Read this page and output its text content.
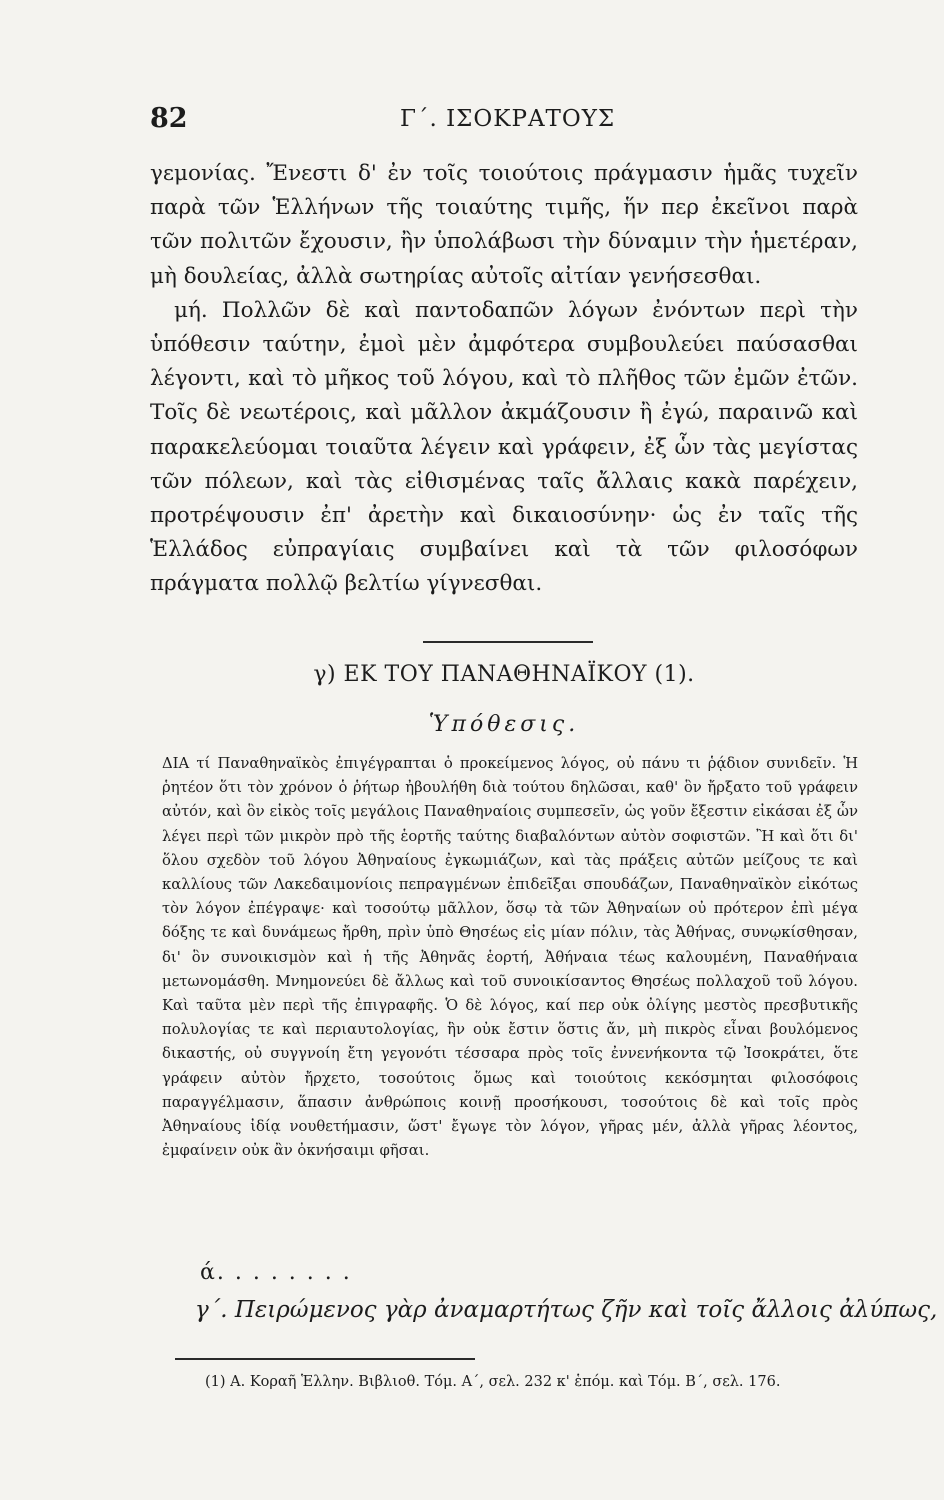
82	Γ΄. ΙΣΟΚΡΑΤΟΥΣ

γεμονίας. Ἔνεστι δ' ἐν τοῖς τοιούτοις πράγμασιν ἡμᾶς τυχεῖν παρὰ τῶν Ἑλλήνων τῆς τοιαύτης τιμῆς, ἥν περ ἐκεῖνοι παρὰ τῶν πολιτῶν ἔχουσιν, ἢν ὑπολάβωσι τὴν δύναμιν τὴν ἡμετέραν, μὴ δουλείας, ἀλλὰ σωτηρίας αὐτοῖς αἰτίαν γενήσεσθαι.

μή. Πολλῶν δὲ καὶ παντοδαπῶν λόγων ἐνόντων περὶ τὴν ὑπόθεσιν ταύτην, ἐμοὶ μὲν ἀμφότερα συμβουλεύει παύσασθαι λέγοντι, καὶ τὸ μῆκος τοῦ λόγου, καὶ τὸ πλῆθος τῶν ἐμῶν ἐτῶν. Τοῖς δὲ νεωτέροις, καὶ μᾶλλον ἀκμάζουσιν ἢ ἐγώ, παραινῶ καὶ παρακελεύομαι τοιαῦτα λέγειν καὶ γράφειν, ἐξ ὧν τὰς μεγίστας τῶν πόλεων, καὶ τὰς εἰθισμένας ταῖς ἄλλαις κακὰ παρέχειν, προτρέψουσιν ἐπ' ἀρετὴν καὶ δικαιοσύνην· ὡς ἐν ταῖς τῆς Ἑλλάδος εὐπραγίαις συμβαίνει καὶ τὰ τῶν φιλοσόφων πράγματα πολλῷ βελτίω γίγνεσθαι.

γ) ΕΚ ΤΟΥ ΠΑΝΑΘΗΝΑΪΚΟΥ (1).
Ὑπόθεσις.

ΔΙΑ τί Παναθηναϊκὸς ἐπιγέγραπται ὁ προκείμενος λόγος, οὐ πάνυ τι ῥᾴδιον συνιδεῖν. Ἡ ῥητέον ὅτι τὸν χρόνον ὁ ῥήτωρ ἠβουλήθη διὰ τούτου δηλῶσαι, καθ' ὃν ἤρξατο τοῦ γράφειν αὐτόν, καὶ ὃν εἰκὸς τοῖς μεγάλοις Παναθηναίοις συμπεσεῖν, ὡς γοῦν ἔξεστιν εἰκάσαι ἐξ ὧν λέγει περὶ τῶν μικρὸν πρὸ τῆς ἑορτῆς ταύτης διαβαλόντων αὐτὸν σοφιστῶν. Ἢ καὶ ὅτι δι' ὅλου σχεδὸν τοῦ λόγου Ἀθηναίους ἐγκωμιάζων, καὶ τὰς πράξεις αὐτῶν μείζους τε καὶ καλλίους τῶν Λακεδαιμονίοις πεπραγμένων ἐπιδεῖξαι σπουδάζων, Παναθηναϊκὸν εἰκότως τὸν λόγον ἐπέγραψε· καὶ τοσούτῳ μᾶλλον, ὅσῳ τὰ τῶν Ἀθηναίων οὐ πρότερον ἐπὶ μέγα δόξης τε καὶ δυνάμεως ἤρθη, πρὶν ὑπὸ Θησέως εἰς μίαν πόλιν, τὰς Ἀθήνας, συνῳκίσθησαν, δι' ὃν συνοικισμὸν καὶ ἡ τῆς Ἀθηνᾶς ἑορτή, Ἀθήναια τέως καλουμένη, Παναθήναια μετωνομάσθη. Μνημονεύει δὲ ἄλλως καὶ τοῦ συνοικίσαντος Θησέως πολλαχοῦ τοῦ λόγου. Καὶ ταῦτα μὲν περὶ τῆς ἐπιγραφῆς. Ὁ δὲ λόγος, καί περ οὐκ ὀλίγης μεστὸς πρεσβυτικῆς πολυλογίας τε καὶ περιαυτολογίας, ἣν οὐκ ἔστιν ὅστις ἄν, μὴ πικρὸς εἶναι βουλόμενος δικαστής, οὐ συγγνοίη ἔτη γεγονότι τέσσαρα πρὸς τοῖς ἐννενήκοντα τῷ Ἰσοκράτει, ὅτε γράφειν αὐτὸν ἤρχετο, τοσούτοις ὅμως καὶ τοιούτοις κεκόσμηται φιλοσόφοις παραγγέλμασιν, ἅπασιν ἀνθρώποις κοινῇ προσήκουσι, τοσούτοις δὲ καὶ τοῖς πρὸς Ἀθηναίους ἰδίᾳ νουθετήμασιν, ὥστ' ἔγωγε τὸν λόγον, γῆρας μέν, ἀλλὰ γῆρας λέοντος, ἐμφαίνειν οὐκ ἂν ὀκνήσαιμι φῆσαι.

ά. . . . . . . .
γ΄. Πειρώμενος γὰρ ἀναμαρτήτως ζῆν καὶ τοῖς ἄλλοις ἀλύπως,
(1) Α. Κοραῆ Ἑλλην. Βιβλιοθ. Τόμ. Α΄, σελ. 232 κ' ἑπόμ. καὶ Τόμ. Β΄, σελ. 176.
